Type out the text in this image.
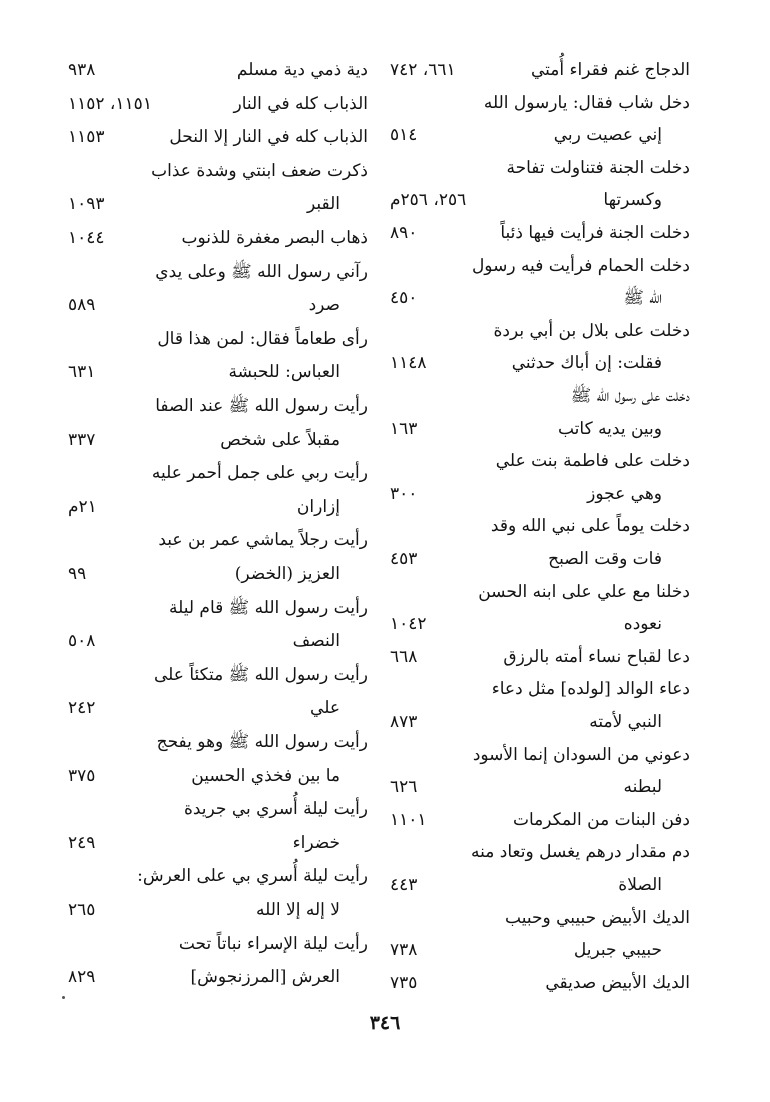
الدجاج غنم فقراء أُمتي
٦٦١، ٧٤٢
دخل شاب فقال: يارسول الله
إني عصيت ربي
٥١٤
دخلت الجنة فتناولت تفاحة
وكسرتها
٢٥٦، ٢٥٦م
دخلت الجنة فرأيت فيها ذئباً
٨٩٠
دخلت الحمام فرأيت فيه رسول
الله ﷺ
٤٥٠
دخلت على بلال بن أبي بردة
فقلت: إن أباك حدثني
١١٤٨
دخلت على رسول الله ﷺ
وبين يديه كاتب
١٦٣
دخلت على فاطمة بنت علي
وهي عجوز
٣٠٠
دخلت يوماً على نبي الله وقد
فات وقت الصبح
٤٥٣
دخلنا مع علي على ابنه الحسن
نعوده
١٠٤٢
دعا لقباح نساء أمته بالرزق
٦٦٨
دعاء الوالد [لولده] مثل دعاء
النبي لأمته
٨٧٣
دعوني من السودان إنما الأسود
لبطنه
٦٢٦
دفن البنات من المكرمات
١١٠١
دم مقدار درهم يغسل وتعاد منه
الصلاة
٤٤٣
الديك الأبيض حبيبي وحبيب
حبيبي جبريل
٧٣٨
الديك الأبيض صديقي
٧٣٥
دية ذمي دية مسلم
٩٣٨
الذباب كله في النار
١١٥١، ١١٥٢
الذباب كله في النار إلا النحل
١١٥٣
ذكرت ضعف ابنتي وشدة عذاب
القبر
١٠٩٣
ذهاب البصر مغفرة للذنوب
١٠٤٤
رآني رسول الله ﷺ وعلى يدي
صرد
٥٨٩
رأى طعاماً فقال: لمن هذا قال
العباس: للحبشة
٦٣١
رأيت رسول الله ﷺ عند الصفا
مقبلاً على شخص
٣٣٧
رأيت ربي على جمل أحمر عليه
إزاران
٢١م
رأيت رجلاً يماشي عمر بن عبد
العزيز (الخضر)
٩٩
رأيت رسول الله ﷺ قام ليلة
النصف
٥٠٨
رأيت رسول الله ﷺ متكئاً على
علي
٢٤٢
رأيت رسول الله ﷺ وهو يفحج
ما بين فخذي الحسين
٣٧٥
رأيت ليلة أُسري بي جريدة
خضراء
٢٤٩
رأيت ليلة أُسري بي على العرش:
لا إله إلا الله
٢٦٥
رأيت ليلة الإسراء نباتاً تحت
العرش [المرزنجوش]
٨٢٩
٣٤٦
